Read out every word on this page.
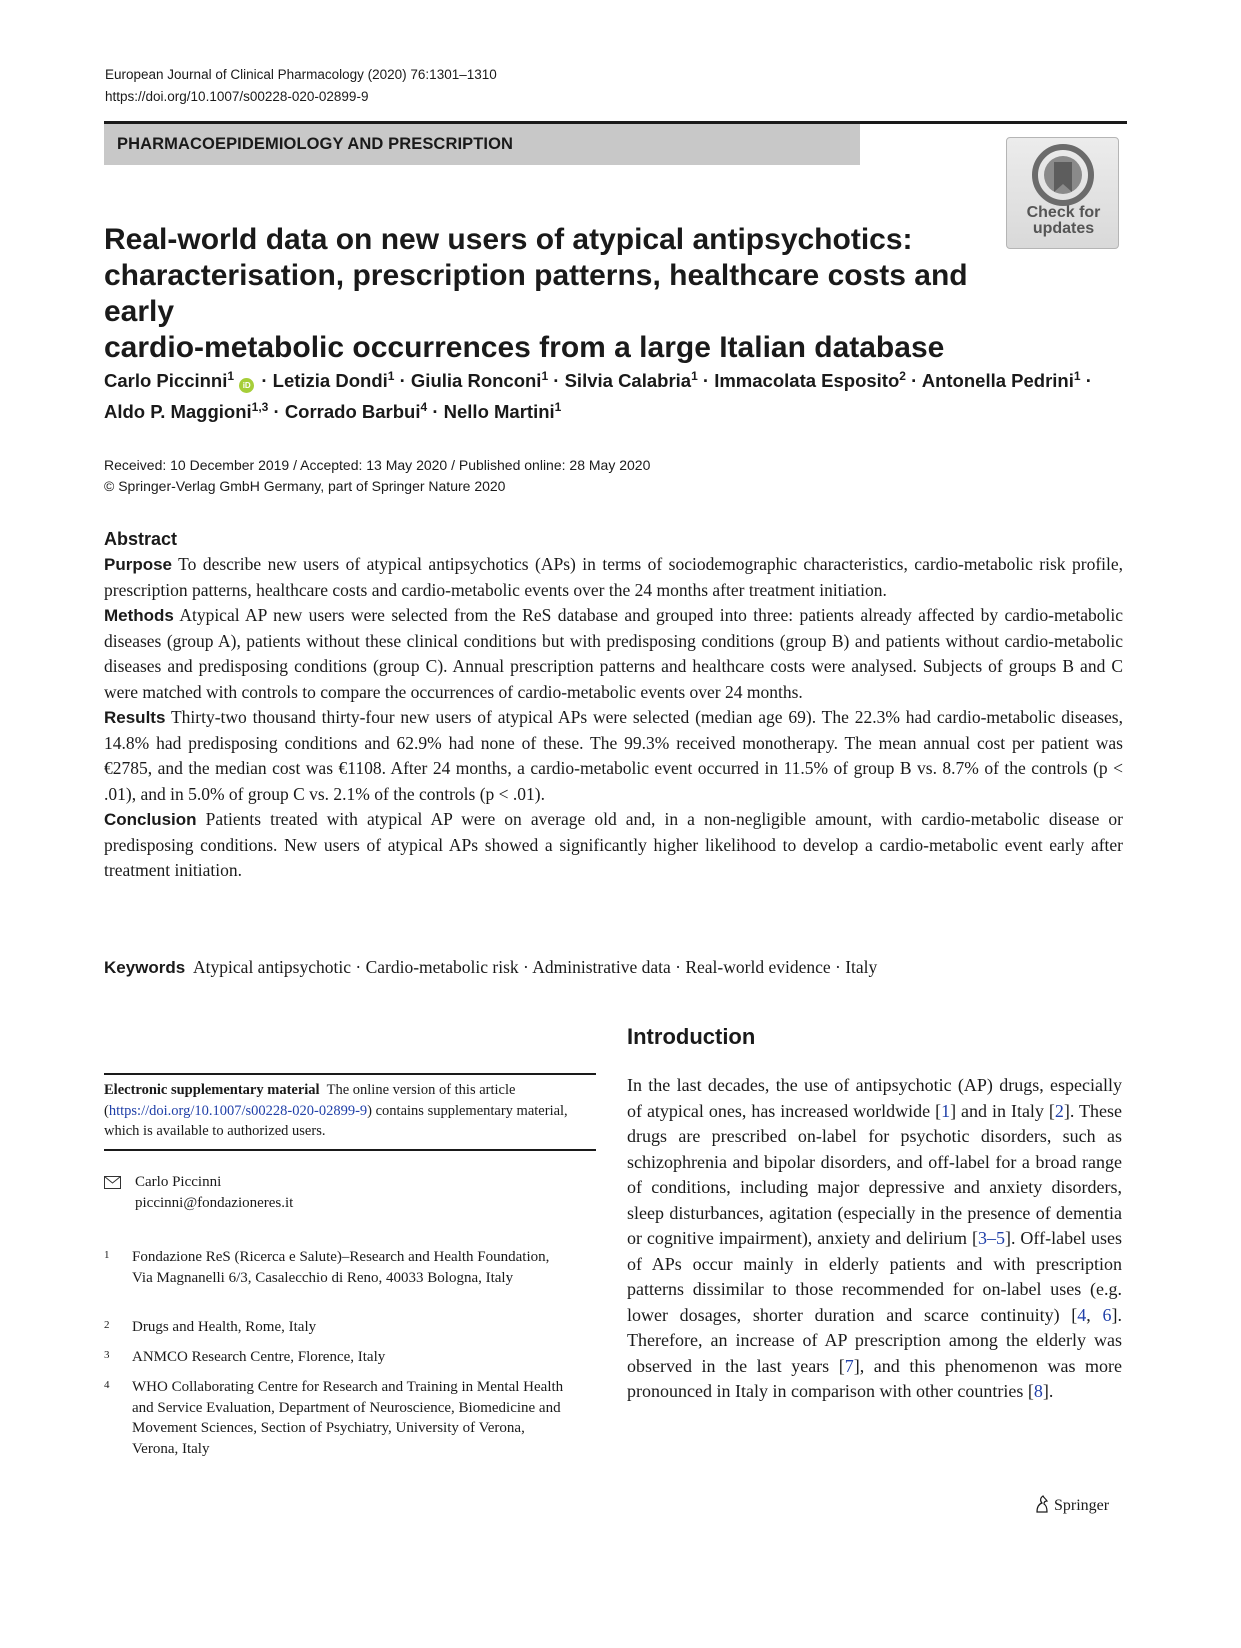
European Journal of Clinical Pharmacology (2020) 76:1301–1310
https://doi.org/10.1007/s00228-020-02899-9
PHARMACOEPIDEMIOLOGY AND PRESCRIPTION
Check for
updates
Real-world data on new users of atypical antipsychotics:
characterisation, prescription patterns, healthcare costs and early
cardio-metabolic occurrences from a large Italian database
Carlo Piccinni$^1$ iD · Letizia Dondi$^1$ · Giulia Ronconi$^1$ · Silvia Calabria$^1$ · Immacolata Esposito$^2$ · Antonella Pedrini$^1$ ·
Aldo P. Maggioni$^{1,3}$ · Corrado Barbui$^4$ · Nello Martini$^1$
Received: 10 December 2019 / Accepted: 13 May 2020 / Published online: 28 May 2020
© Springer-Verlag GmbH Germany, part of Springer Nature 2020

Abstract

Purpose To describe new users of atypical antipsychotics (APs) in terms of sociodemographic characteristics, cardio-metabolic risk profile, prescription patterns, healthcare costs and cardio-metabolic events over the 24 months after treatment initiation.

Methods Atypical AP new users were selected from the ReS database and grouped into three: patients already affected by cardio-metabolic diseases (group A), patients without these clinical conditions but with predisposing conditions (group B) and patients without cardio-metabolic diseases and predisposing conditions (group C). Annual prescription patterns and healthcare costs were analysed. Subjects of groups B and C were matched with controls to compare the occurrences of cardio-metabolic events over 24 months.

Results Thirty-two thousand thirty-four new users of atypical APs were selected (median age 69). The 22.3% had cardio-metabolic diseases, 14.8% had predisposing conditions and 62.9% had none of these. The 99.3% received monotherapy. The mean annual cost per patient was €2785, and the median cost was €1108. After 24 months, a cardio-metabolic event occurred in 11.5% of group B vs. 8.7% of the controls (p < .01), and in 5.0% of group C vs. 2.1% of the controls (p < .01).

Conclusion Patients treated with atypical AP were on average old and, in a non-negligible amount, with cardio-metabolic disease or predisposing conditions. New users of atypical APs showed a significantly higher likelihood to develop a cardio-metabolic event early after treatment initiation.

Keywords Atypical antipsychotic · Cardio-metabolic risk · Administrative data · Real-world evidence · Italy
Electronic supplementary material The online version of this article (https://doi.org/10.1007/s00228-020-02899-9) contains supplementary material, which is available to authorized users.
Carlo Piccinni
piccinni@fondazioneres.it
1 Fondazione ReS (Ricerca e Salute)–Research and Health Foundation, Via Magnanelli 6/3, Casalecchio di Reno, 40033 Bologna, Italy
2 Drugs and Health, Rome, Italy
3 ANMCO Research Centre, Florence, Italy
4 WHO Collaborating Centre for Research and Training in Mental Health and Service Evaluation, Department of Neuroscience, Biomedicine and Movement Sciences, Section of Psychiatry, University of Verona, Verona, Italy
Introduction
In the last decades, the use of antipsychotic (AP) drugs, especially of atypical ones, has increased worldwide [1] and in Italy [2]. These drugs are prescribed on-label for psychotic disorders, such as schizophrenia and bipolar disorders, and off-label for a broad range of conditions, including major depressive and anxiety disorders, sleep disturbances, agitation (especially in the presence of dementia or cognitive impairment), anxiety and delirium [3–5]. Off-label uses of APs occur mainly in elderly patients and with prescription patterns dissimilar to those recommended for on-label uses (e.g. lower dosages, shorter duration and scarce continuity) [4, 6]. Therefore, an increase of AP prescription among the elderly was observed in the last years [7], and this phenomenon was more pronounced in Italy in comparison with other countries [8].
Springer
